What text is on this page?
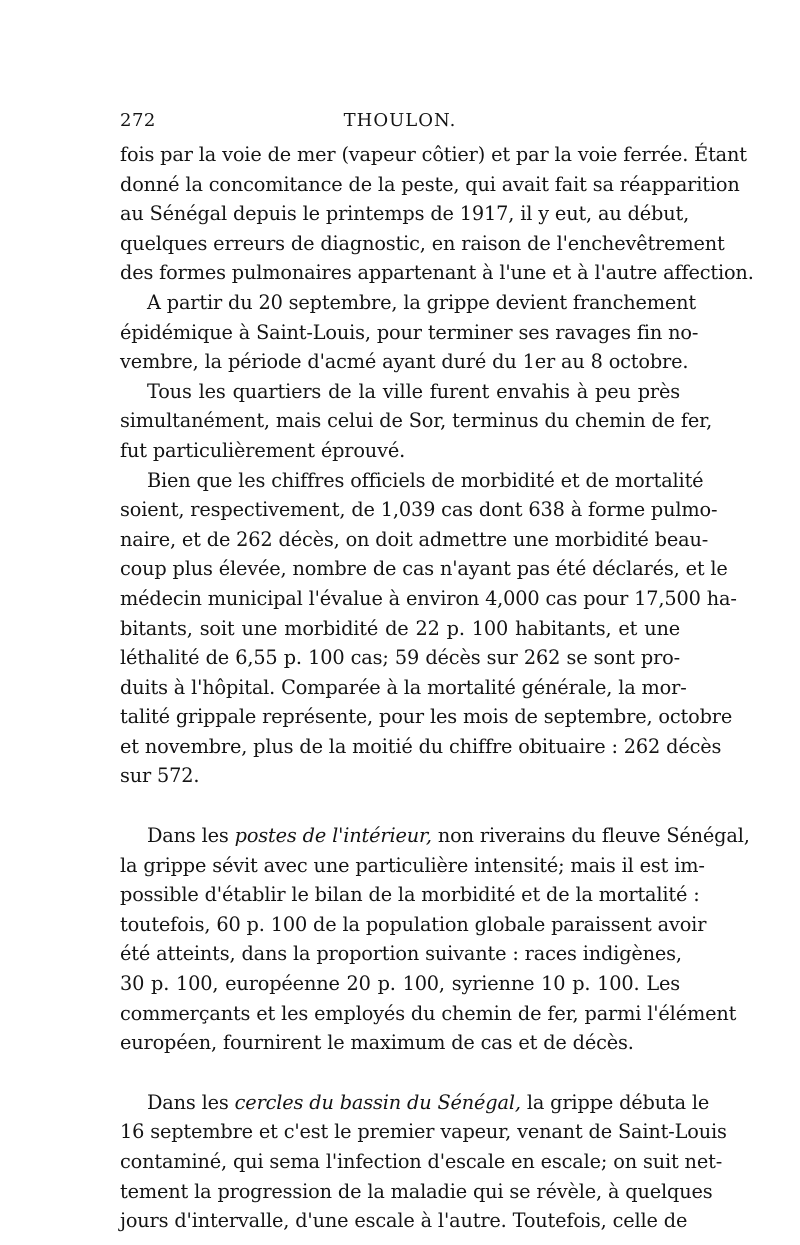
272	THOULON.

fois par la voie de mer (vapeur côtier) et par la voie ferrée. Étant
donné la concomitance de la peste, qui avait fait sa réapparition
au Sénégal depuis le printemps de 1917, il y eut, au début,
quelques erreurs de diagnostic, en raison de l'enchevêtrement
des formes pulmonaires appartenant à l'une et à l'autre affection.

A partir du 20 septembre, la grippe devient franchement
épidémique à Saint-Louis, pour terminer ses ravages fin no-
vembre, la période d'acmé ayant duré du 1er au 8 octobre.

Tous les quartiers de la ville furent envahis à peu près
simultanément, mais celui de Sor, terminus du chemin de fer,
fut particulièrement éprouvé.

Bien que les chiffres officiels de morbidité et de mortalité
soient, respectivement, de 1,039 cas dont 638 à forme pulmo-
naire, et de 262 décès, on doit admettre une morbidité beau-
coup plus élevée, nombre de cas n'ayant pas été déclarés, et le
médecin municipal l'évalue à environ 4,000 cas pour 17,500 ha-
bitants, soit une morbidité de 22 p. 100 habitants, et une
léthalité de 6,55 p. 100 cas; 59 décès sur 262 se sont pro-
duits à l'hôpital. Comparée à la mortalité générale, la mor-
talité grippale représente, pour les mois de septembre, octobre
et novembre, plus de la moitié du chiffre obituaire : 262 décès
sur 572.

Dans les postes de l'intérieur, non riverains du fleuve Sénégal,
la grippe sévit avec une particulière intensité; mais il est im-
possible d'établir le bilan de la morbidité et de la mortalité :
toutefois, 60 p. 100 de la population globale paraissent avoir
été atteints, dans la proportion suivante : races indigènes,
30 p. 100, européenne 20 p. 100, syrienne 10 p. 100. Les
commerçants et les employés du chemin de fer, parmi l'élément
européen, fournirent le maximum de cas et de décès.

Dans les cercles du bassin du Sénégal, la grippe débuta le
16 septembre et c'est le premier vapeur, venant de Saint-Louis
contaminé, qui sema l'infection d'escale en escale; on suit net-
tement la progression de la maladie qui se révèle, à quelques
jours d'intervalle, d'une escale à l'autre. Toutefois, celle de
